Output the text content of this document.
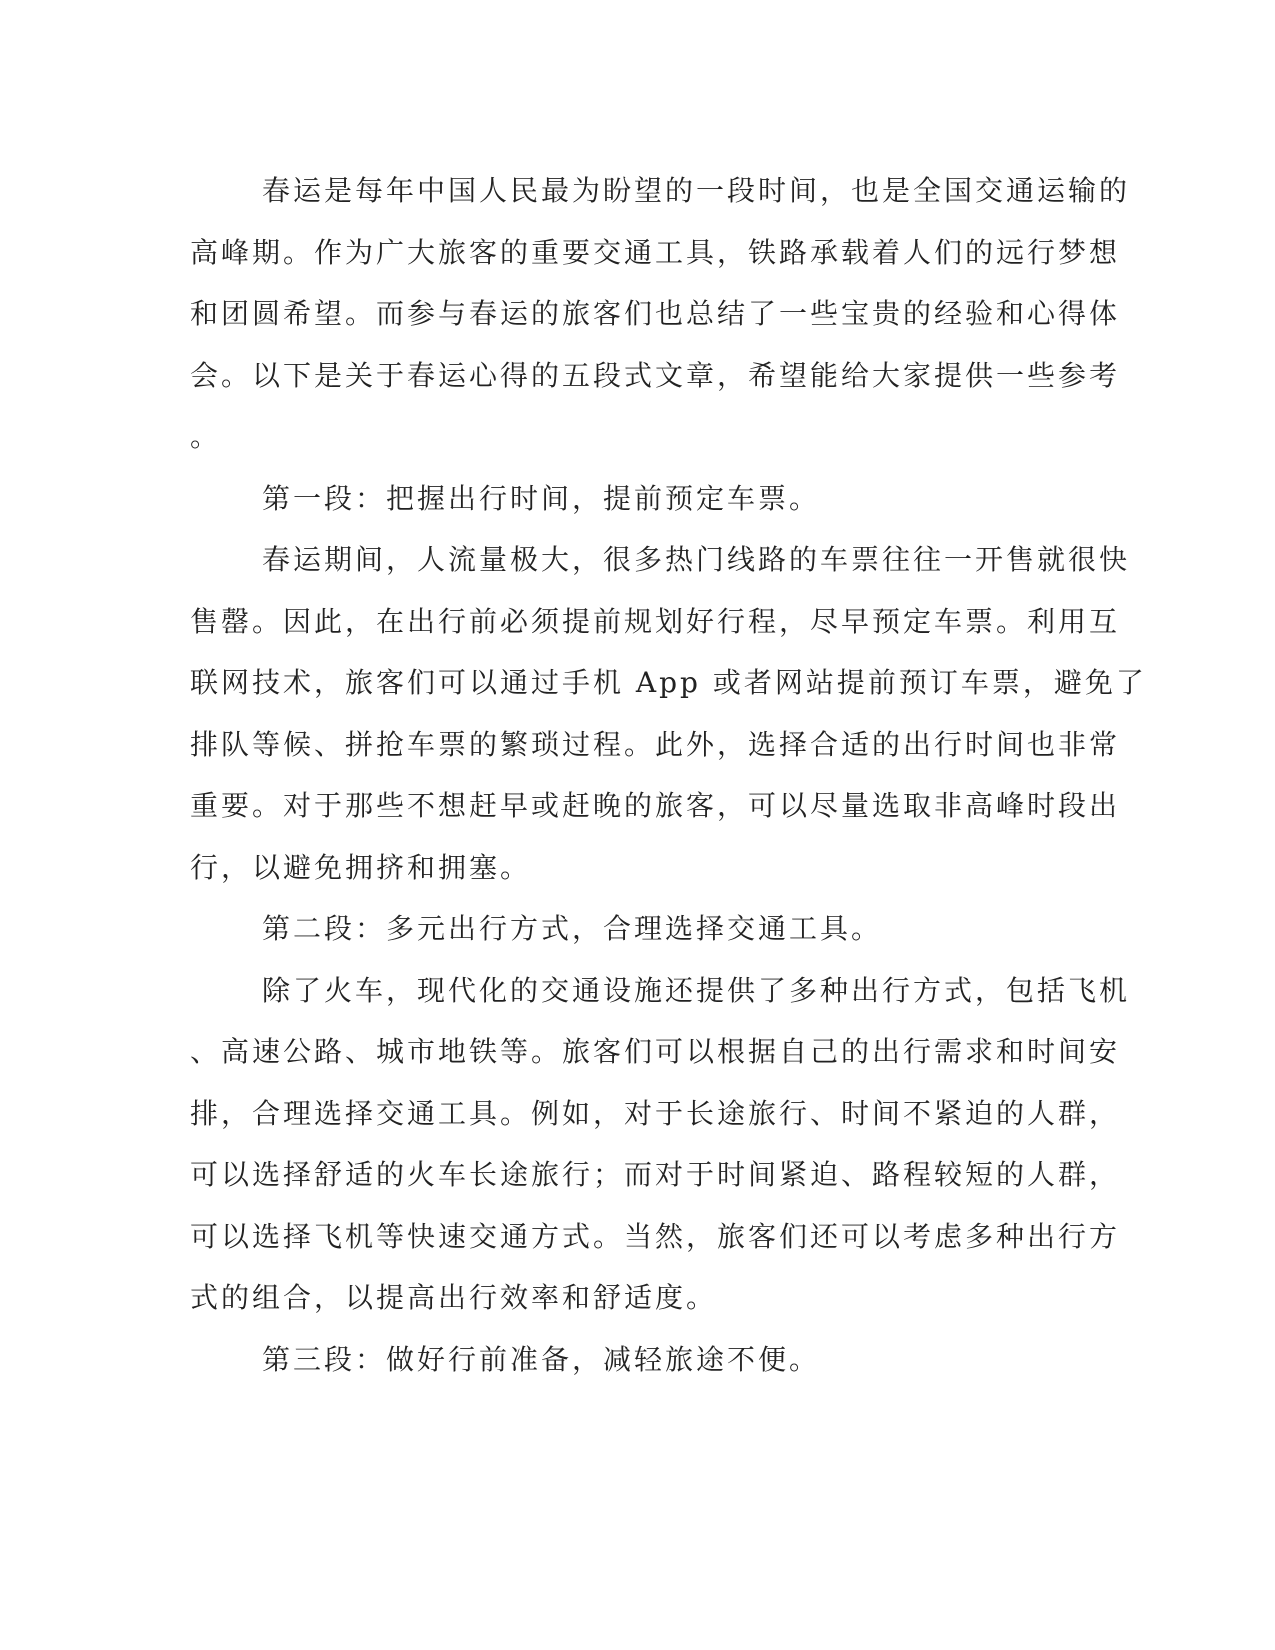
春运是每年中国人民最为盼望的一段时间，也是全国交通运输的
高峰期。作为广大旅客的重要交通工具，铁路承载着人们的远行梦想
和团圆希望。而参与春运的旅客们也总结了一些宝贵的经验和心得体
会。以下是关于春运心得的五段式文章，希望能给大家提供一些参考
。
第一段：把握出行时间，提前预定车票。
春运期间，人流量极大，很多热门线路的车票往往一开售就很快
售罄。因此，在出行前必须提前规划好行程，尽早预定车票。利用互
联网技术，旅客们可以通过手机 App 或者网站提前预订车票，避免了
排队等候、拼抢车票的繁琐过程。此外，选择合适的出行时间也非常
重要。对于那些不想赶早或赶晚的旅客，可以尽量选取非高峰时段出
行，以避免拥挤和拥塞。
第二段：多元出行方式，合理选择交通工具。
除了火车，现代化的交通设施还提供了多种出行方式，包括飞机
、高速公路、城市地铁等。旅客们可以根据自己的出行需求和时间安
排，合理选择交通工具。例如，对于长途旅行、时间不紧迫的人群，
可以选择舒适的火车长途旅行；而对于时间紧迫、路程较短的人群，
可以选择飞机等快速交通方式。当然，旅客们还可以考虑多种出行方
式的组合，以提高出行效率和舒适度。
第三段：做好行前准备，减轻旅途不便。
